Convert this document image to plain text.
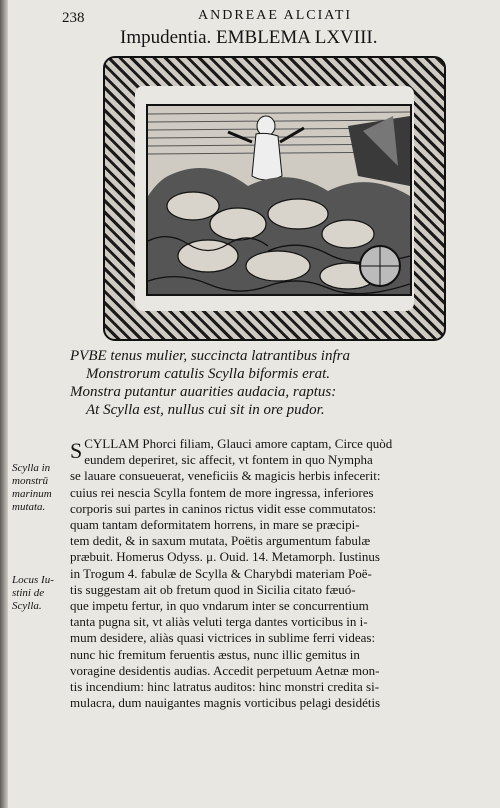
238	ANDREAE ALCIATI
Impudentia. EMBLEMA LXVIII.
PVBE tenus mulier, succincta latrantibus infra
Monstrorum catulis Scylla biformis erat.
Monstra putantur auarities audacia, raptus:
At Scylla est, nullus cui sit in ore pudor.
Scylla in
monstrū
marinum
mutata.
Locus Iu-
stini de
Scylla.
S CYLLAM Phorci filiam, Glauci amore captam, Circe quòd
eundem deperiret, sic affecit, vt fontem in quo Nympha
se lauare consueuerat, veneficiis & magicis herbis infecerit:
cuius rei nescia Scylla fontem de more ingressa, inferiores
corporis sui partes in caninos rictus vidit esse commutatos:
quam tantam deformitatem horrens, in mare se præcipi-
tem dedit, & in saxum mutata, Poëtis argumentum fabulæ
præbuit. Homerus Odyss. μ. Ouid. 14. Metamorph. Iustinus
in Trogum 4. fabulæ de Scylla & Charybdi materiam Poë-
tis suggestam ait ob fretum quod in Sicilia citato fæuó-
que impetu fertur, in quo vndarum inter se concurrentium
tanta pugna sit, vt aliàs veluti terga dantes vorticibus in i-
mum desidere, aliàs quasi victrices in sublime ferri videas:
nunc hic fremitum feruentis æstus, nunc illic gemitus in
voragine desidentis audias. Accedit perpetuum Aetnæ mon-
tis incendium: hinc latratus auditos: hinc monstri credita si-
mulacra, dum nauigantes magnis vorticibus pelagi desidétis
